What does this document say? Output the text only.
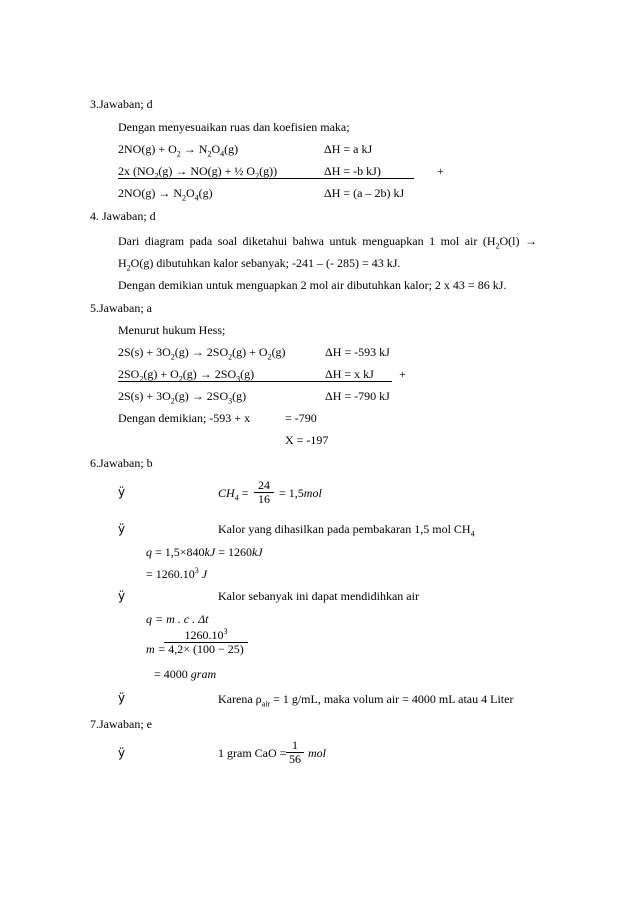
3.Jawaban; d
Dengan menyesuaikan ruas dan koefisien maka;
$2NO(g) + O_2 \to N_2O_4(g)$	ΔH = a kJ
2x ($NO_2(g) \to NO(g)$ + ½ $O_2(g)$)	ΔH = -b kJ)	+
$2NO(g) \to N_2O_4(g)$	ΔH = (a – 2b) kJ
4. Jawaban; d
Dari diagram pada soal diketahui bahwa untuk menguapkan 1 mol air ($H_2O(l)$ →
$H_2O(g)$ dibutuhkan kalor sebanyak; -241 – (- 285) = 43 kJ.
Dengan demikian untuk menguapkan 2 mol air dibutuhkan kalor; 2 x 43 = 86 kJ.
5.Jawaban; a
Menurut hukum Hess;
$2S(s) + 3O_2(g) \to 2SO_2(g) + O_2(g)$	ΔH = -593 kJ
$2SO_2(g) + O_2(g) \to 2SO_3(g)$	ΔH = x kJ +
$2S(s) + 3O_2(g) \to 2SO_3(g)$	ΔH = -790 kJ
Dengan demikian; -593 + x	= -790
X = -197
6.Jawaban; b
ÿ	$CH_4$ =
24
16 = 1,5mol
ÿ	Kalor yang dihasilkan pada pembakaran 1,5 mol $CH_4$
q = 1,5×840kJ = 1260kJ
= $1260.10^3$ J
ÿ	Kalor sebanyak ini dapat mendidihkan air
q = m . c . Δt
m =
$1260.10^3$
4,2× (100 − 25)
= 4000 gram
ÿ	Karena $\rho_{air} = 1$ g/mL, maka volum air = 4000 mL atau 4 Liter
7.Jawaban; e
ÿ	1 gram CaO =
1
56 mol
